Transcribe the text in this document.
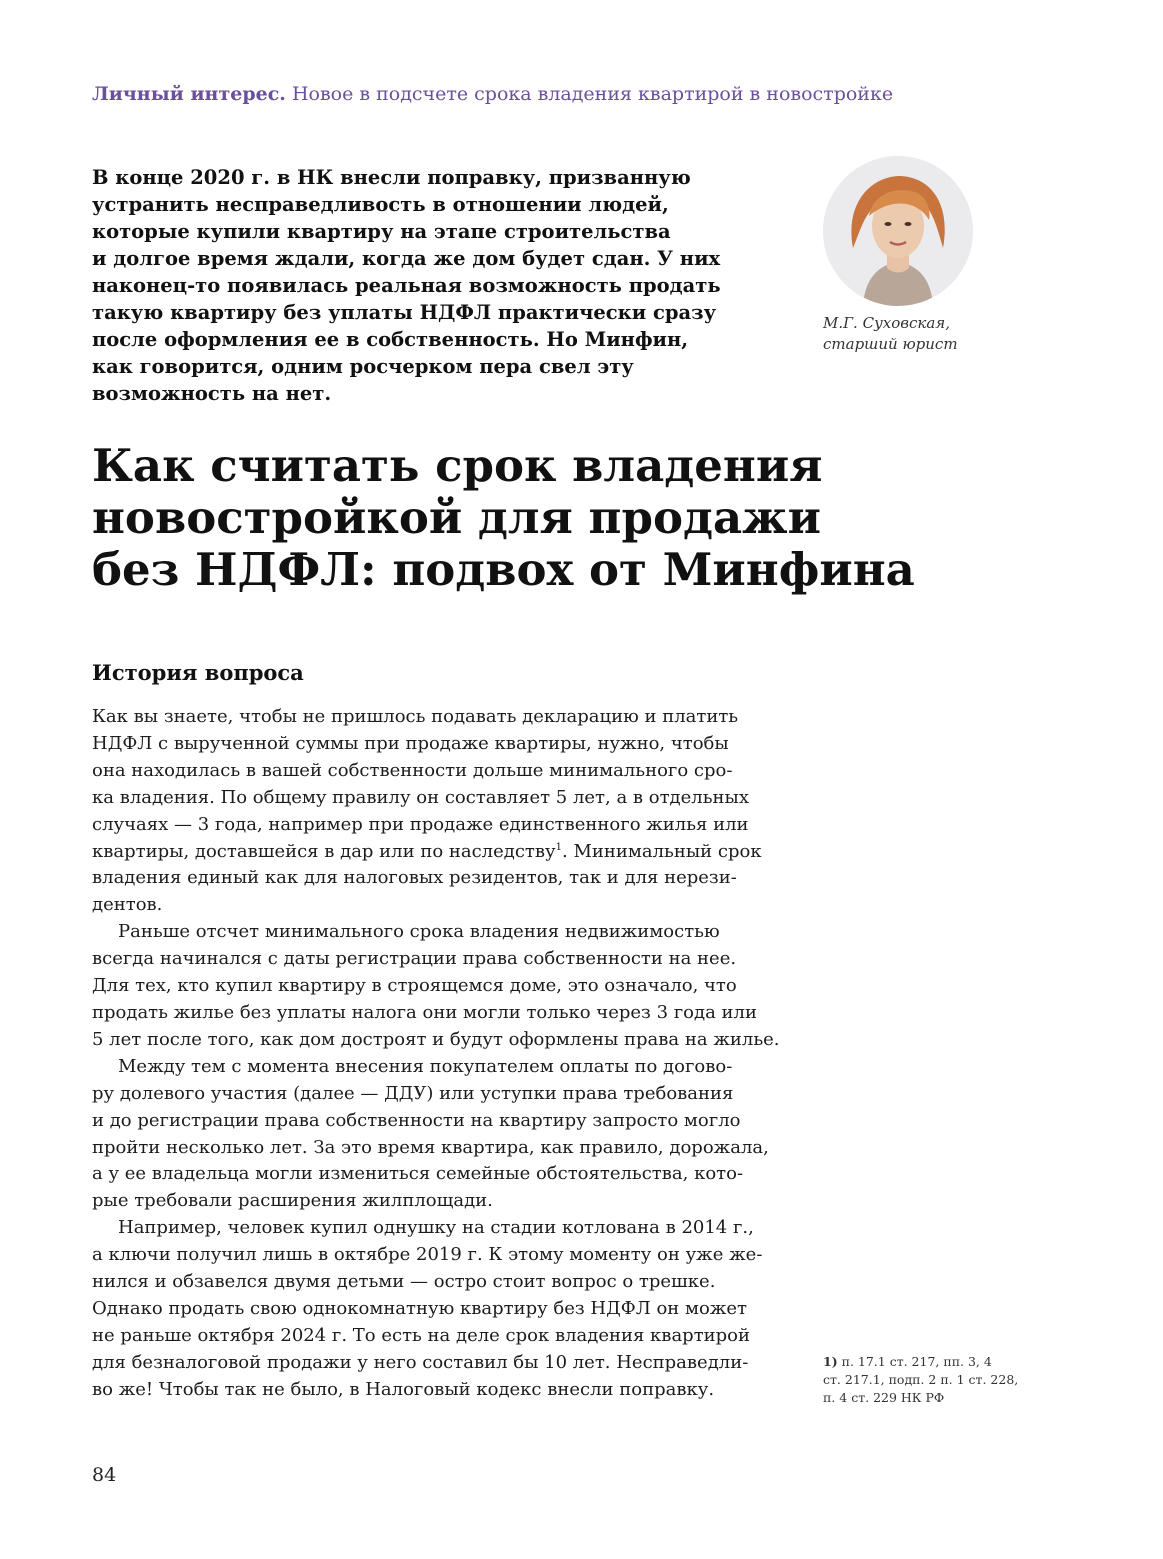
Личный интерес. Новое в подсчете срока владения квартирой в новостройке
В конце 2020 г. в НК внесли поправку, призванную
устранить несправедливость в отношении людей,
которые купили квартиру на этапе строительства
и долгое время ждали, когда же дом будет сдан. У них
наконец-то появилась реальная возможность продать
такую квартиру без уплаты НДФЛ практически сразу
после оформления ее в собственность. Но Минфин,
как говорится, одним росчерком пера свел эту
возможность на нет.
М.Г. Суховская,
старший юрист
Как считать срок владения
новостройкой для продажи
без НДФЛ: подвох от Минфина
История вопроса
Как вы знаете, чтобы не пришлось подавать декларацию и платить
НДФЛ с вырученной суммы при продаже квартиры, нужно, чтобы
она находилась в вашей собственности дольше минимального сро-
ка владения. По общему правилу он составляет 5 лет, а в отдельных
случаях — 3 года, например при продаже единственного жилья или
квартиры, доставшейся в дар или по наследству$^1$. Минимальный срок
владения единый как для налоговых резидентов, так и для нерези-
дентов.
Раньше отсчет минимального срока владения недвижимостью
всегда начинался с даты регистрации права собственности на нее.
Для тех, кто купил квартиру в строящемся доме, это означало, что
продать жилье без уплаты налога они могли только через 3 года или
5 лет после того, как дом достроят и будут оформлены права на жилье.
Между тем с момента внесения покупателем оплаты по догово-
ру долевого участия (далее — ДДУ) или уступки права требования
и до регистрации права собственности на квартиру запросто могло
пройти несколько лет. За это время квартира, как правило, дорожала,
а у ее владельца могли измениться семейные обстоятельства, кото-
рые требовали расширения жилплощади.
Например, человек купил однушку на стадии котлована в 2014 г.,
а ключи получил лишь в октябре 2019 г. К этому моменту он уже же-
нился и обзавелся двумя детьми — остро стоит вопрос о трешке.
Однако продать свою однокомнатную квартиру без НДФЛ он может
не раньше октября 2024 г. То есть на деле срок владения квартирой
для безналоговой продажи у него составил бы 10 лет. Несправедли-
во же! Чтобы так не было, в Налоговый кодекс внесли поправку.
1) п. 17.1 ст. 217, пп. 3, 4
ст. 217.1, подп. 2 п. 1 ст. 228,
п. 4 ст. 229 НК РФ
84
